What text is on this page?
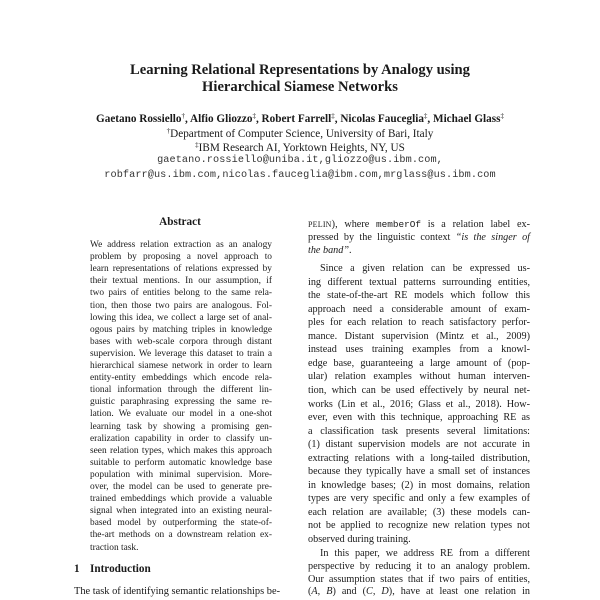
Learning Relational Representations by Analogy using
Hierarchical Siamese Networks
Gaetano Rossiello†, Alfio Gliozzo‡, Robert Farrell‡, Nicolas Fauceglia‡, Michael Glass‡
†Department of Computer Science, University of Bari, Italy
‡IBM Research AI, Yorktown Heights, NY, US
gaetano.rossiello@uniba.it,gliozzo@us.ibm.com,
robfarr@us.ibm.com,nicolas.fauceglia@ibm.com,mrglass@us.ibm.com
Abstract
We address relation extraction as an analogy
problem by proposing a novel approach to
learn representations of relations expressed by
their textual mentions. In our assumption, if
two pairs of entities belong to the same rela-
tion, then those two pairs are analogous. Fol-
lowing this idea, we collect a large set of anal-
ogous pairs by matching triples in knowledge
bases with web-scale corpora through distant
supervision. We leverage this dataset to train a
hierarchical siamese network in order to learn
entity-entity embeddings which encode rela-
tional information through the different lin-
guistic paraphrasing expressing the same re-
lation. We evaluate our model in a one-shot
learning task by showing a promising gen-
eralization capability in order to classify un-
seen relation types, which makes this approach
suitable to perform automatic knowledge base
population with minimal supervision. More-
over, the model can be used to generate pre-
trained embeddings which provide a valuable
signal when integrated into an existing neural-
based model by outperforming the state-of-
the-art methods on a downstream relation ex-
traction task.
1 Introduction
The task of identifying semantic relationships be-
PELIN), where memberOf is a relation label ex-
pressed by the linguistic context “is the singer of
the band”.
Since a given relation can be expressed us-
ing different textual patterns surrounding entities,
the state-of-the-art RE models which follow this
approach need a considerable amount of exam-
ples for each relation to reach satisfactory perfor-
mance. Distant supervision (Mintz et al., 2009)
instead uses training examples from a knowl-
edge base, guaranteeing a large amount of (pop-
ular) relation examples without human interven-
tion, which can be used effectively by neural net-
works (Lin et al., 2016; Glass et al., 2018). How-
ever, even with this technique, approaching RE as
a classification task presents several limitations:
(1) distant supervision models are not accurate in
extracting relations with a long-tailed distribution,
because they typically have a small set of instances
in knowledge bases; (2) in most domains, relation
types are very specific and only a few examples of
each relation are available; (3) these models can-
not be applied to recognize new relation types not
observed during training.
In this paper, we address RE from a different
perspective by reducing it to an analogy problem.
Our assumption states that if two pairs of entities,
(A, B) and (C, D), have at least one relation in
